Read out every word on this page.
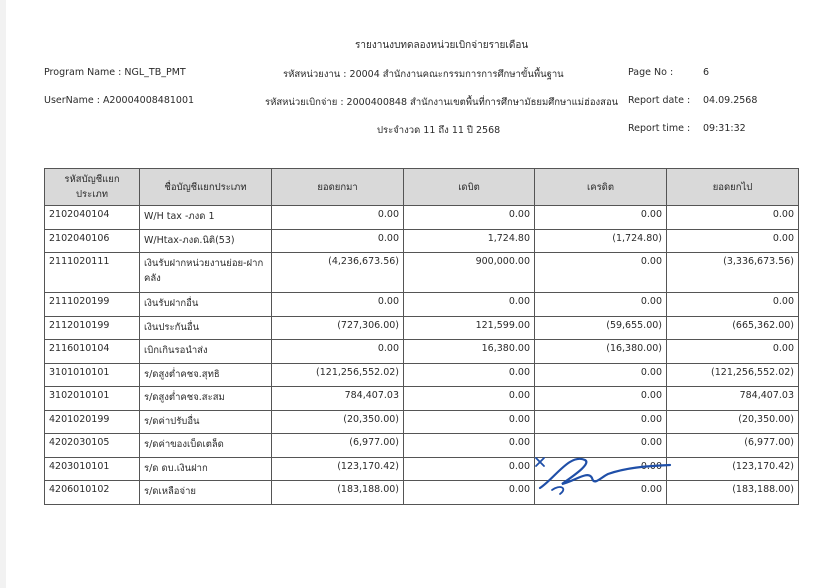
รายงานงบทดลองหน่วยเบิกจ่ายรายเดือน
Program Name : NGL_TB_PMT	รหัสหน่วยงาน : 20004 สำนักงานคณะกรรมการการศึกษาขั้นพื้นฐาน	Page No :	6
UserName : A20004008481001	รหัสหน่วยเบิกจ่าย : 2000400848 สำนักงานเขตพื้นที่การศึกษามัธยมศึกษาแม่ฮ่องสอน Report date : 04.09.2568
ประจำงวด 11 ถึง 11 ปี 2568	Report time : 09:31:32
รหัสบัญชีแยกประเภท	ชื่อบัญชีแยกประเภท	ยอดยกมา	เดบิต	เครดิต	ยอดยกไป
2102040104	W/H tax -ภงด 1	0.00	0.00	0.00	0.00
2102040106	W/Htax-ภงด.นิติ(53)	0.00	1,724.80	(1,724.80)	0.00
2111020111	เงินรับฝากหน่วยงานย่อย-ฝากคลัง	(4,236,673.56)	900,000.00	0.00	(3,336,673.56)
2111020199	เงินรับฝากอื่น	0.00	0.00	0.00	0.00
2112010199	เงินประกันอื่น	(727,306.00)	121,599.00	(59,655.00)	(665,362.00)
2116010104	เบิกเกินรอนำส่ง	0.00	16,380.00	(16,380.00)	0.00
3101010101	ร/ดสูงต่ำคชจ.สุทธิ	(121,256,552.02)	0.00	0.00	(121,256,552.02)
3102010101	ร/ดสูงต่ำคชจ.สะสม	784,407.03	0.00	0.00	784,407.03
4201020199	ร/ดค่าปรับอื่น	(20,350.00)	0.00	0.00	(20,350.00)
4202030105	ร/ดค่าของเบ็ดเตล็ด	(6,977.00)	0.00	0.00	(6,977.00)
4203010101	ร/ด ดบ.เงินฝาก	(123,170.42)	0.00	0.00	(123,170.42)
4206010102	ร/ดเหลือจ่าย	(183,188.00)	0.00	0.00	(183,188.00)
